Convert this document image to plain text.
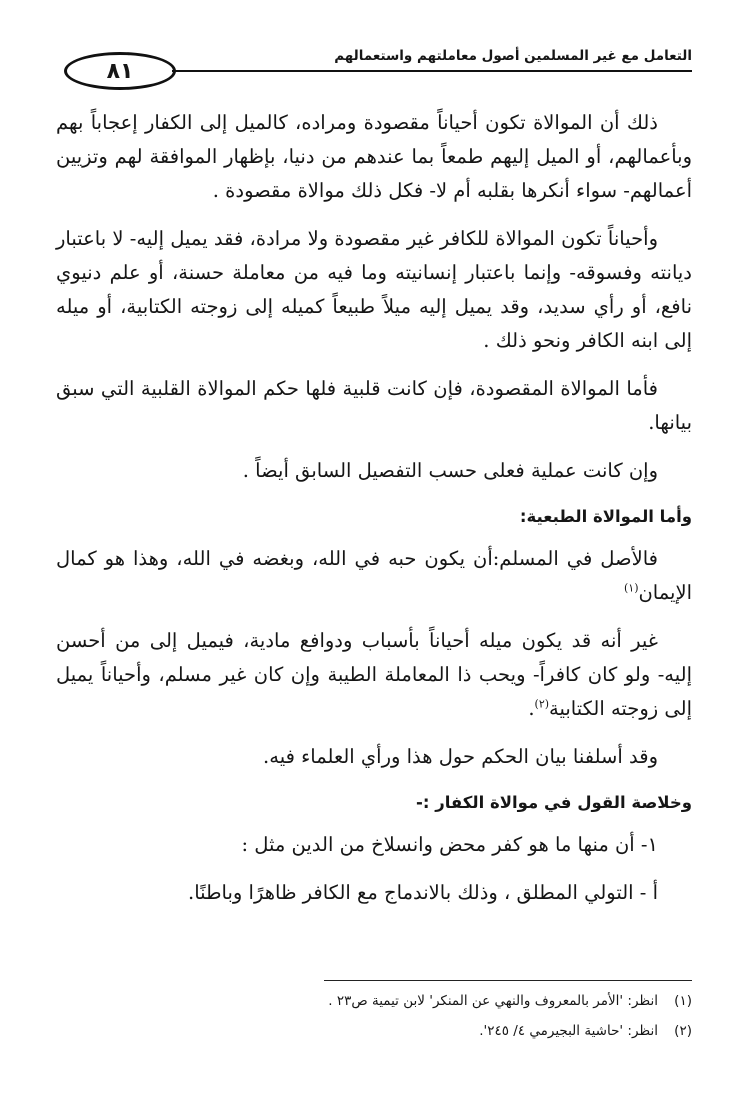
التعامل مع غير المسلمين أصول معاملتهم واستعمالهم
٨١

ذلك أن الموالاة تكون أحياناً مقصودة ومراده، كالميل إلى الكفار إعجاباً بهم وبأعمالهم، أو الميل إليهم طمعاً بما عندهم من دنيا، بإظهار الموافقة لهم وتزيين أعمالهم- سواء أنكرها بقلبه أم لا- فكل ذلك موالاة مقصودة .

وأحياناً تكون الموالاة للكافر غير مقصودة ولا مرادة، فقد يميل إليه- لا باعتبار ديانته وفسوقه- وإنما باعتبار إنسانيته وما فيه من معاملة حسنة، أو علم دنيوي نافع، أو رأي سديد، وقد يميل إليه ميلاً طبيعاً كميله إلى زوجته الكتابية، أو ميله إلى ابنه الكافر ونحو ذلك .

فأما الموالاة المقصودة، فإن كانت قلبية فلها حكم الموالاة القلبية التي سبق بيانها.

وإن كانت عملية فعلى حسب التفصيل السابق أيضاً .

وأما الموالاة الطبعية:

فالأصل في المسلم:أن يكون حبه في الله، وبغضه في الله، وهذا هو كمال الإيمان$^{(١)}$

غير أنه قد يكون ميله أحياناً بأسباب ودوافع مادية، فيميل إلى من أحسن إليه- ولو كان كافراً- ويحب ذا المعاملة الطيبة وإن كان غير مسلم، وأحياناً يميل إلى زوجته الكتابية$^{(٢)}$.

وقد أسلفنا بيان الحكم حول هذا ورأي العلماء فيه.

وخلاصة القول في موالاة الكفار :-

١- أن منها ما هو كفر محض وانسلاخ من الدين مثل :

أ - التولي المطلق ، وذلك بالاندماج مع الكافر ظاهرًا وباطنًا.

(١)انظر: 'الأمر بالمعروف والنهي عن المنكر' لابن تيمية ص٢٣ .
(٢)انظر: 'حاشية البجيرمي ٤/ ٢٤٥'.
